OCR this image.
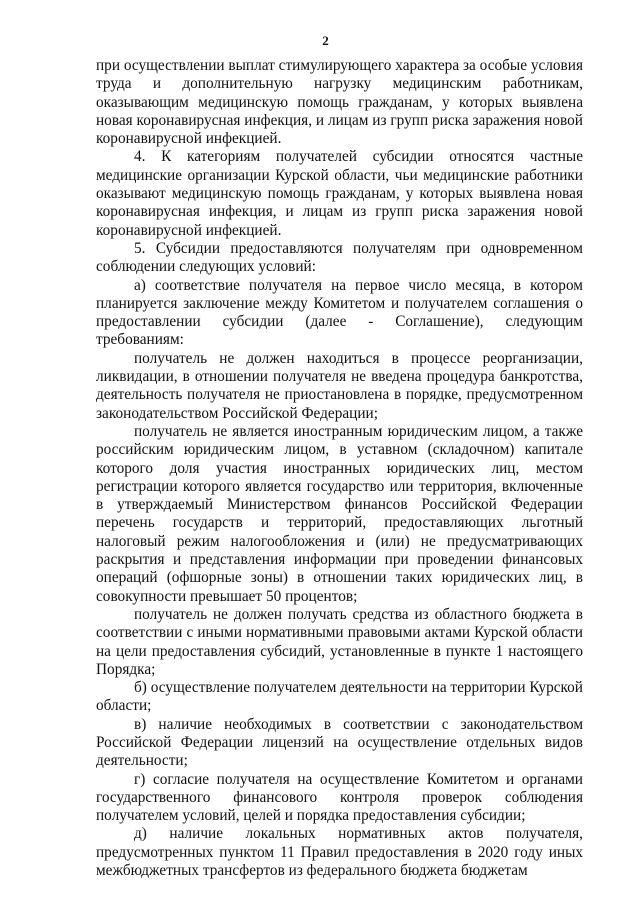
2

при осуществлении выплат стимулирующего характера за особые условия труда и дополнительную нагрузку медицинским работникам, оказывающим медицинскую помощь гражданам, у которых выявлена новая коронавирусная инфекция, и лицам из групп риска заражения новой коронавирусной инфекцией.

4. К категориям получателей субсидии относятся частные медицинские организации Курской области, чьи медицинские работники оказывают медицинскую помощь гражданам, у которых выявлена новая коронавирусная инфекция, и лицам из групп риска заражения новой коронавирусной инфекцией.

5. Субсидии предоставляются получателям при одновременном соблюдении следующих условий:

а) соответствие получателя на первое число месяца, в котором планируется заключение между Комитетом и получателем соглашения о предоставлении субсидии (далее - Соглашение), следующим требованиям:

получатель не должен находиться в процессе реорганизации, ликвидации, в отношении получателя не введена процедура банкротства, деятельность получателя не приостановлена в порядке, предусмотренном законодательством Российской Федерации;

получатель не является иностранным юридическим лицом, а также российским юридическим лицом, в уставном (складочном) капитале которого доля участия иностранных юридических лиц, местом регистрации которого является государство или территория, включенные в утверждаемый Министерством финансов Российской Федерации перечень государств и территорий, предоставляющих льготный налоговый режим налогообложения и (или) не предусматривающих раскрытия и представления информации при проведении финансовых операций (офшорные зоны) в отношении таких юридических лиц, в совокупности превышает 50 процентов;

получатель не должен получать средства из областного бюджета в соответствии с иными нормативными правовыми актами Курской области на цели предоставления субсидий, установленные в пункте 1 настоящего Порядка;

б) осуществление получателем деятельности на территории Курской области;

в) наличие необходимых в соответствии с законодательством Российской Федерации лицензий на осуществление отдельных видов деятельности;

г) согласие получателя на осуществление Комитетом и органами государственного финансового контроля проверок соблюдения получателем условий, целей и порядка предоставления субсидии;

д) наличие локальных нормативных актов получателя, предусмотренных пунктом 11 Правил предоставления в 2020 году иных межбюджетных трансфертов из федерального бюджета бюджетам
